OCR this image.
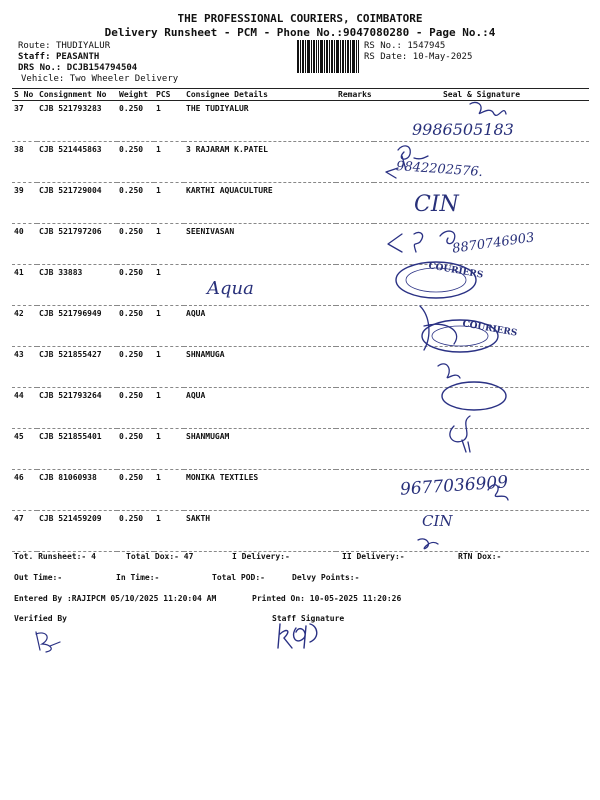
THE PROFESSIONAL COURIERS, COIMBATORE
Delivery Runsheet - PCM - Phone No.:9047080280 - Page No.:4
Route: THUDIYALUR
Staff: PEASANTH
DRS No.: DCJB154794504
Vehicle: Two Wheeler Delivery
RS No.: 1547945
RS Date: 10-May-2025
S No	Consignment No	Weight	PCS	Consignee Details	Remarks	Seal & Signature
37	CJB 521793283	0.250	1	THE TUDIYALUR		
38	CJB 521445863	0.250	1	3 RAJARAM K.PATEL		
39	CJB 521729004	0.250	1	KARTHI AQUACULTURE		
40	CJB 521797206	0.250	1	SEENIVASAN		
41	CJB 33883	0.250	1			
42	CJB 521796949	0.250	1	AQUA		
43	CJB 521855427	0.250	1	SHNAMUGA		
44	CJB 521793264	0.250	1	AQUA		
45	CJB 521855401	0.250	1	SHANMUGAM		
46	CJB 81060938	0.250	1	MONIKA TEXTILES		
47	CJB 521459209	0.250	1	SAKTH		
9986505183
9842202576.
CIN
8870746903
Aqua
9677036909
CIN
COURIERS
COURIERS
Tot. Runsheet:- 4	Total Dox:- 47	I Delivery:-	II Delivery:-	RTN Dox:-
Out Time:-	In Time:-	Total POD:-	Delvy Points:-
Entered By :RAJIPCM 05/10/2025 11:20:04 AM	Printed On: 10-05-2025 11:20:26
Verified By	Staff Signature
